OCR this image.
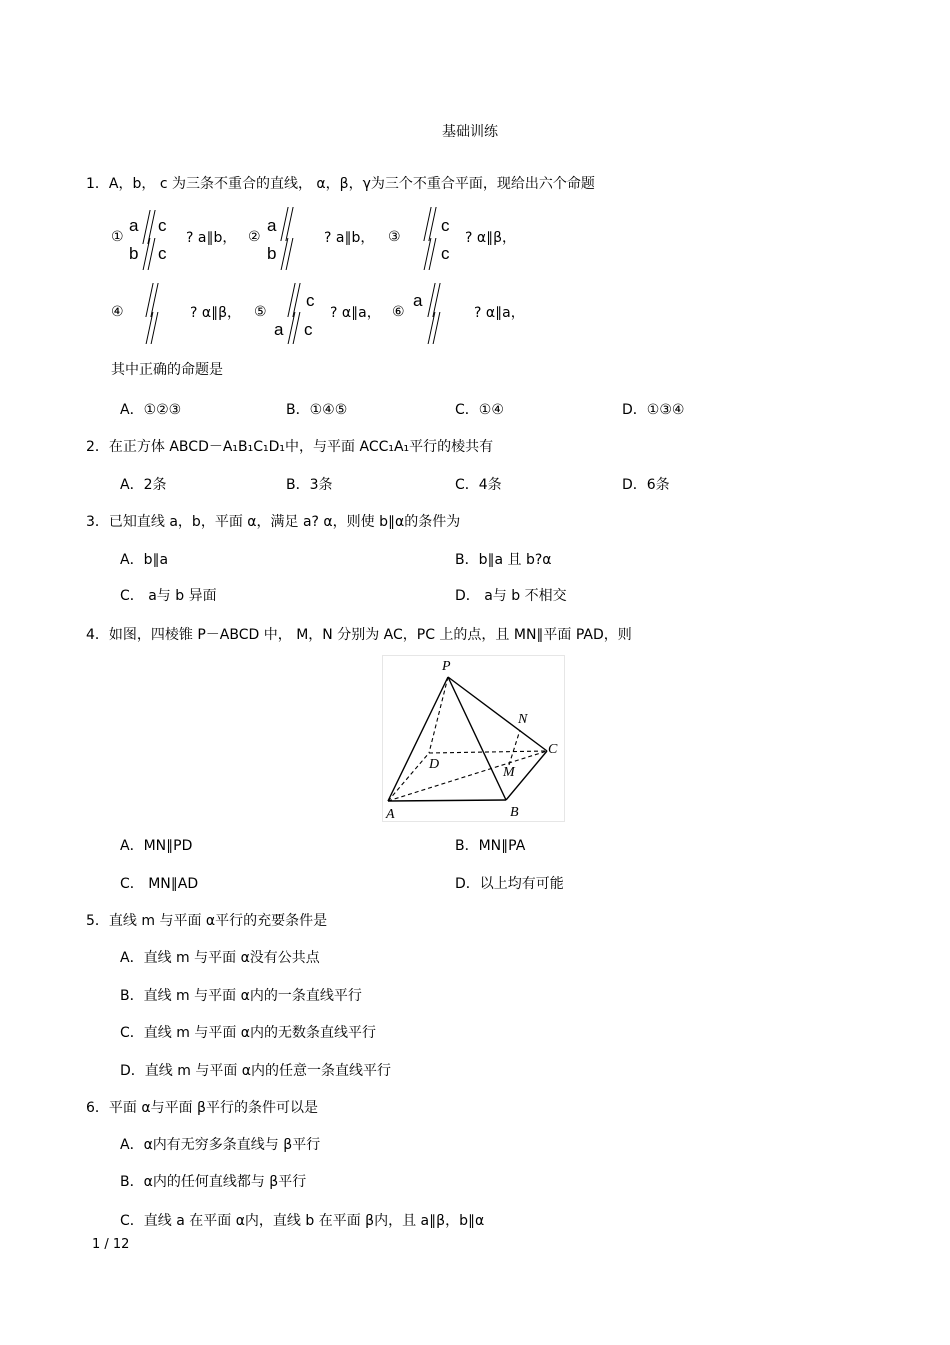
基础训练
1．A，b， c 为三条不重合的直线， α，β，γ为三个不重合平面，现给出六个命题
①
a
b
c
c
? a∥b， ②
a
b
? a∥b， ③
c
c
? α∥β，
④	? α∥β， ⑤
c
a c
? α∥a， ⑥
a
? α∥a，
其中正确的命题是
A．①②③	B．①④⑤	C．①④	D．①③④
2．在正方体 ABCD－A₁B₁C₁D₁中，与平面 ACC₁A₁平行的棱共有
A．2条	B．3条	C．4条	D．6条
3．已知直线 a，b，平面 α，满足 a? α，则使 b∥α的条件为
A．b∥a	B．b∥a 且 b?α
C． a与 b 异面	D． a与 b 不相交
4．如图，四棱锥 P－ABCD 中， M，N 分别为 AC，PC 上的点，且 MN∥平面 PAD，则
P
N
C
D
M
A	B
A．MN∥PD	B．MN∥PA
C． MN∥AD	D．以上均有可能
5．直线 m 与平面 α平行的充要条件是
A．直线 m 与平面 α没有公共点
B．直线 m 与平面 α内的一条直线平行
C．直线 m 与平面 α内的无数条直线平行
D．直线 m 与平面 α内的任意一条直线平行
6．平面 α与平面 β平行的条件可以是
A．α内有无穷多条直线与 β平行
B．α内的任何直线都与 β平行
C．直线 a 在平面 α内，直线 b 在平面 β内，且 a∥β，b∥α
1 / 12
